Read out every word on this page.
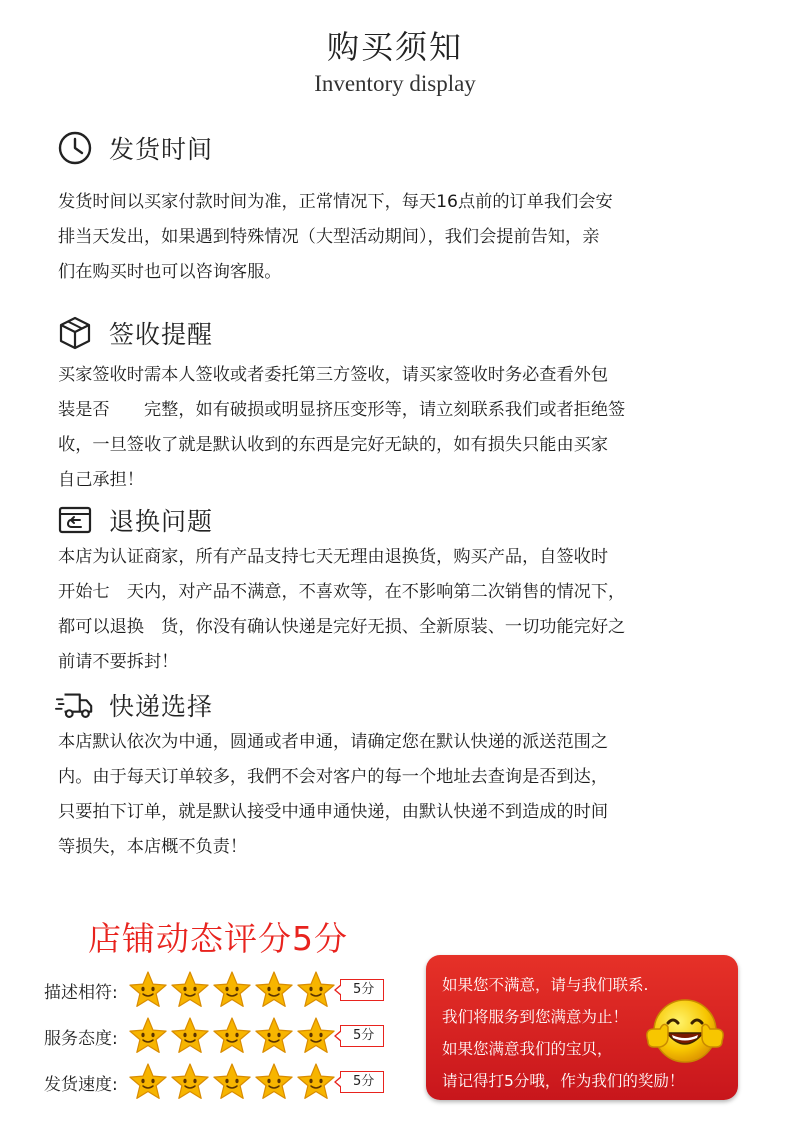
购买须知
Inventory display
发货时间
发货时间以买家付款时间为准，正常情况下，每天16点前的订单我们会安
排当天发出，如果遇到特殊情况（大型活动期间），我们会提前告知，亲
们在购买时也可以咨询客服。
签收提醒
买家签收时需本人签收或者委托第三方签收，请买家签收时务必查看外包
装是否　　完整，如有破损或明显挤压变形等，请立刻联系我们或者拒绝签
收，一旦签收了就是默认收到的东西是完好无缺的，如有损失只能由买家
自己承担！
退换问题
本店为认证商家，所有产品支持七天无理由退换货，购买产品，自签收时
开始七　天内，对产品不满意，不喜欢等，在不影响第二次销售的情况下，
都可以退换　货，你没有确认快递是完好无损、全新原装、一切功能完好之
前请不要拆封！
快递选择
本店默认依次为中通，圆通或者申通，请确定您在默认快递的派送范围之
内。由于每天订单较多，我們不会对客户的每一个地址去查询是否到达，
只要拍下订单，就是默认接受中通申通快递，由默认快递不到造成的时间
等损失，本店概不负责！
店铺动态评分5分
描述相符:	5分
服务态度:	5分
发货速度:	5分
如果您不满意，请与我们联系.
我们将服务到您满意为止！
如果您满意我们的宝贝，
请记得打5分哦，作为我们的奖励！
